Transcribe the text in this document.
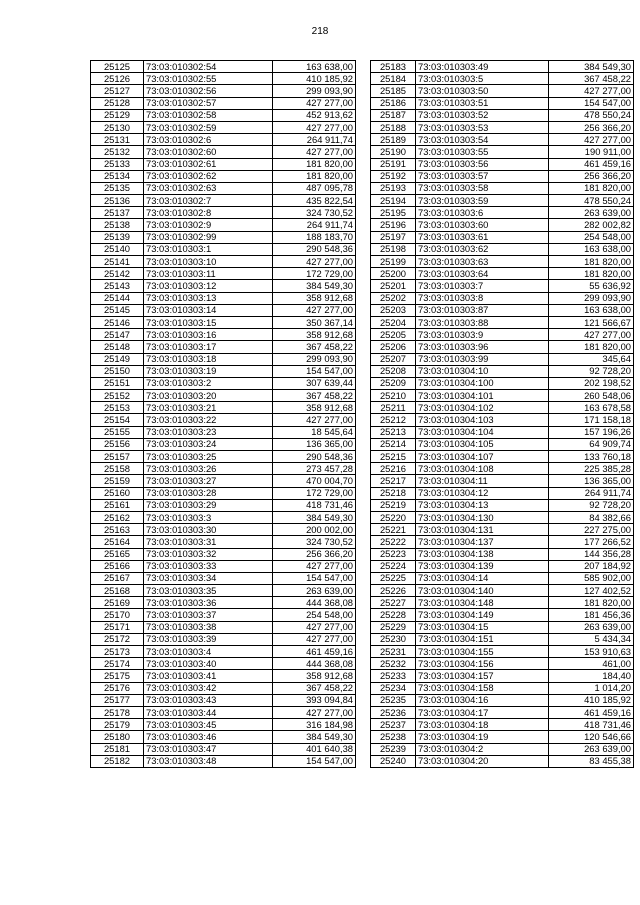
218
25125	73:03:010302:54	163 638,00
25126	73:03:010302:55	410 185,92
25127	73:03:010302:56	299 093,90
25128	73:03:010302:57	427 277,00
25129	73:03:010302:58	452 913,62
25130	73:03:010302:59	427 277,00
25131	73:03:010302:6	264 911,74
25132	73:03:010302:60	427 277,00
25133	73:03:010302:61	181 820,00
25134	73:03:010302:62	181 820,00
25135	73:03:010302:63	487 095,78
25136	73:03:010302:7	435 822,54
25137	73:03:010302:8	324 730,52
25138	73:03:010302:9	264 911,74
25139	73:03:010302:99	188 183,70
25140	73:03:010303:1	290 548,36
25141	73:03:010303:10	427 277,00
25142	73:03:010303:11	172 729,00
25143	73:03:010303:12	384 549,30
25144	73:03:010303:13	358 912,68
25145	73:03:010303:14	427 277,00
25146	73:03:010303:15	350 367,14
25147	73:03:010303:16	358 912,68
25148	73:03:010303:17	367 458,22
25149	73:03:010303:18	299 093,90
25150	73:03:010303:19	154 547,00
25151	73:03:010303:2	307 639,44
25152	73:03:010303:20	367 458,22
25153	73:03:010303:21	358 912,68
25154	73:03:010303:22	427 277,00
25155	73:03:010303:23	18 545,64
25156	73:03:010303:24	136 365,00
25157	73:03:010303:25	290 548,36
25158	73:03:010303:26	273 457,28
25159	73:03:010303:27	470 004,70
25160	73:03:010303:28	172 729,00
25161	73:03:010303:29	418 731,46
25162	73:03:010303:3	384 549,30
25163	73:03:010303:30	200 002,00
25164	73:03:010303:31	324 730,52
25165	73:03:010303:32	256 366,20
25166	73:03:010303:33	427 277,00
25167	73:03:010303:34	154 547,00
25168	73:03:010303:35	263 639,00
25169	73:03:010303:36	444 368,08
25170	73:03:010303:37	254 548,00
25171	73:03:010303:38	427 277,00
25172	73:03:010303:39	427 277,00
25173	73:03:010303:4	461 459,16
25174	73:03:010303:40	444 368,08
25175	73:03:010303:41	358 912,68
25176	73:03:010303:42	367 458,22
25177	73:03:010303:43	393 094,84
25178	73:03:010303:44	427 277,00
25179	73:03:010303:45	316 184,98
25180	73:03:010303:46	384 549,30
25181	73:03:010303:47	401 640,38
25182	73:03:010303:48	154 547,00
25183	73:03:010303:49	384 549,30
25184	73:03:010303:5	367 458,22
25185	73:03:010303:50	427 277,00
25186	73:03:010303:51	154 547,00
25187	73:03:010303:52	478 550,24
25188	73:03:010303:53	256 366,20
25189	73:03:010303:54	427 277,00
25190	73:03:010303:55	190 911,00
25191	73:03:010303:56	461 459,16
25192	73:03:010303:57	256 366,20
25193	73:03:010303:58	181 820,00
25194	73:03:010303:59	478 550,24
25195	73:03:010303:6	263 639,00
25196	73:03:010303:60	282 002,82
25197	73:03:010303:61	254 548,00
25198	73:03:010303:62	163 638,00
25199	73:03:010303:63	181 820,00
25200	73:03:010303:64	181 820,00
25201	73:03:010303:7	55 636,92
25202	73:03:010303:8	299 093,90
25203	73:03:010303:87	163 638,00
25204	73:03:010303:88	121 566,67
25205	73:03:010303:9	427 277,00
25206	73:03:010303:96	181 820,00
25207	73:03:010303:99	345,64
25208	73:03:010304:10	92 728,20
25209	73:03:010304:100	202 198,52
25210	73:03:010304:101	260 548,06
25211	73:03:010304:102	163 678,58
25212	73:03:010304:103	171 158,18
25213	73:03:010304:104	157 196,26
25214	73:03:010304:105	64 909,74
25215	73:03:010304:107	133 760,18
25216	73:03:010304:108	225 385,28
25217	73:03:010304:11	136 365,00
25218	73:03:010304:12	264 911,74
25219	73:03:010304:13	92 728,20
25220	73:03:010304:130	84 382,66
25221	73:03:010304:131	227 275,00
25222	73:03:010304:137	177 266,52
25223	73:03:010304:138	144 356,28
25224	73:03:010304:139	207 184,92
25225	73:03:010304:14	585 902,00
25226	73:03:010304:140	127 402,52
25227	73:03:010304:148	181 820,00
25228	73:03:010304:149	181 456,36
25229	73:03:010304:15	263 639,00
25230	73:03:010304:151	5 434,34
25231	73:03:010304:155	153 910,63
25232	73:03:010304:156	461,00
25233	73:03:010304:157	184,40
25234	73:03:010304:158	1 014,20
25235	73:03:010304:16	410 185,92
25236	73:03:010304:17	461 459,16
25237	73:03:010304:18	418 731,46
25238	73:03:010304:19	120 546,66
25239	73:03:010304:2	263 639,00
25240	73:03:010304:20	83 455,38
